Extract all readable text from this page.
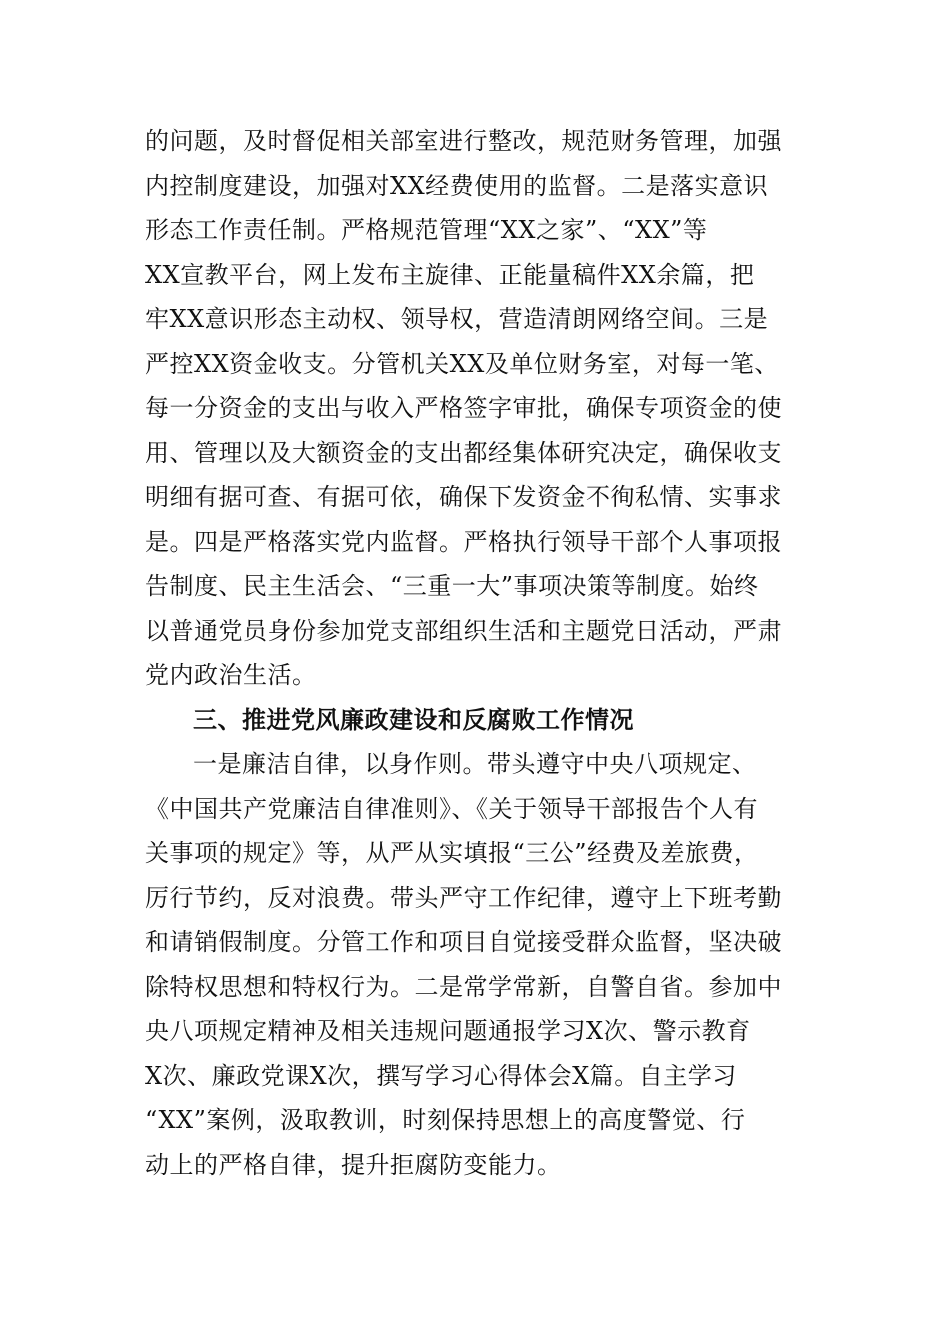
的问题，及时督促相关部室进行整改，规范财务管理，加强
内控制度建设，加强对XX经费使用的监督。二是落实意识
形态工作责任制。严格规范管理“XX之家”、“XX”等
XX宣教平台，网上发布主旋律、正能量稿件XX余篇，把
牢XX意识形态主动权、领导权，营造清朗网络空间。三是
严控XX资金收支。分管机关XX及单位财务室，对每一笔、
每一分资金的支出与收入严格签字审批，确保专项资金的使
用、管理以及大额资金的支出都经集体研究决定，确保收支
明细有据可查、有据可依，确保下发资金不徇私情、实事求
是。四是严格落实党内监督。严格执行领导干部个人事项报
告制度、民主生活会、“三重一大”事项决策等制度。始终
以普通党员身份参加党支部组织生活和主题党日活动，严肃
党内政治生活。
三、推进党风廉政建设和反腐败工作情况
一是廉洁自律，以身作则。带头遵守中央八项规定、
《中国共产党廉洁自律准则》、《关于领导干部报告个人有
关事项的规定》等，从严从实填报“三公”经费及差旅费，
厉行节约，反对浪费。带头严守工作纪律，遵守上下班考勤
和请销假制度。分管工作和项目自觉接受群众监督，坚决破
除特权思想和特权行为。二是常学常新，自警自省。参加中
央八项规定精神及相关违规问题通报学习X次、警示教育
X次、廉政党课X次，撰写学习心得体会X篇。自主学习
“XX”案例，汲取教训，时刻保持思想上的高度警觉、行
动上的严格自律，提升拒腐防变能力。
